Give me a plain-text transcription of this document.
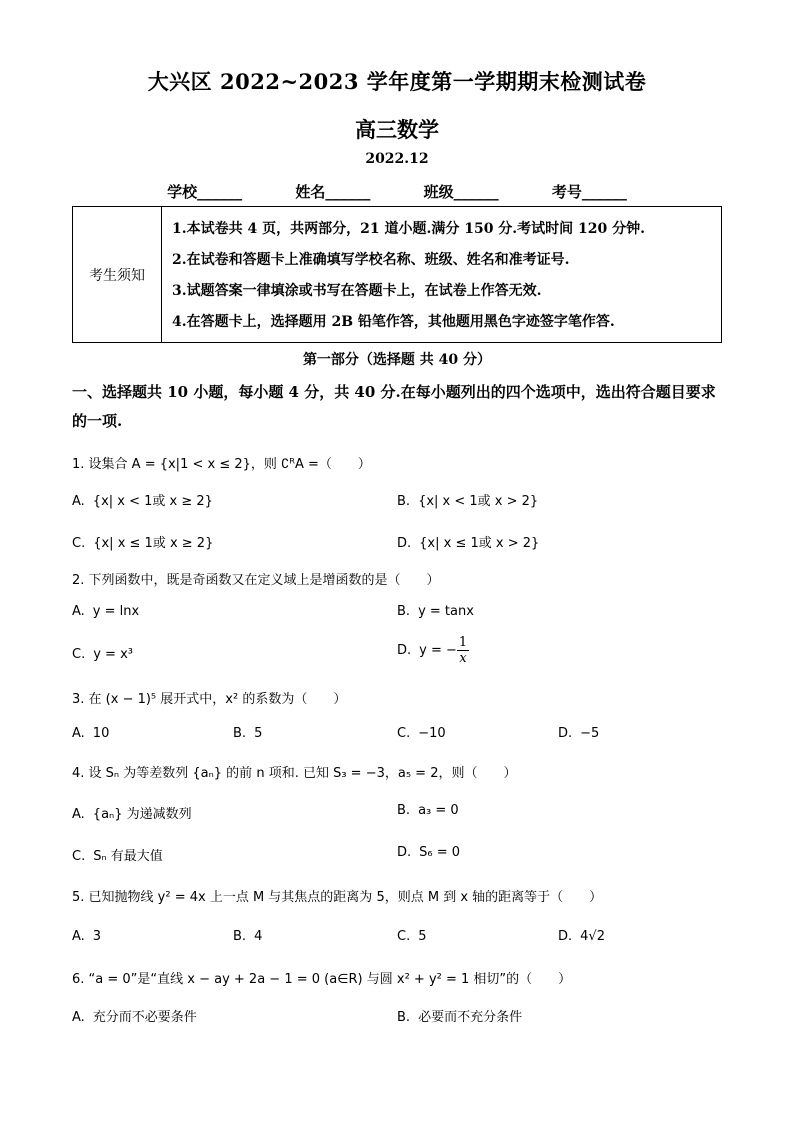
大兴区 2022~2023 学年度第一学期期末检测试卷
高三数学
2022.12
学校______	姓名______	班级______	考号______
考生须知	
1.本试卷共 4 页，共两部分，21 道小题.满分 150 分.考试时间 120 分钟.
2.在试卷和答题卡上准确填写学校名称、班级、姓名和准考证号.
3.试题答案一律填涂或书写在答题卡上，在试卷上作答无效.
4.在答题卡上，选择题用 2B 铅笔作答，其他题用黑色字迹签字笔作答.
第一部分（选择题 共 40 分）
一、选择题共 10 小题，每小题 4 分，共 40 分.在每小题列出的四个选项中，选出符合题目要求的一项.
1. 设集合 A = {x|1 < x ≤ 2}，则 ∁ᴿA =（　　）
A. {x| x < 1或 x ≥ 2}	B. {x| x < 1或 x > 2}
C. {x| x ≤ 1或 x ≥ 2}	D. {x| x ≤ 1或 x > 2}
2. 下列函数中，既是奇函数又在定义域上是增函数的是（　　）
A. y = lnx	B. y = tanx
C. y = x³	D. y = − $\frac{1}{x}$
3. 在 (x − 1)⁵ 展开式中，x² 的系数为（　　）
A. 10	B. 5	C. −10	D. −5
4. 设 Sₙ 为等差数列 {aₙ} 的前 n 项和. 已知 S₃ = −3，a₅ = 2，则（　　）
A. {aₙ} 为递减数列	B. a₃ = 0
C. Sₙ 有最大值	D. S₆ = 0
5. 已知抛物线 y² = 4x 上一点 M 与其焦点的距离为 5，则点 M 到 x 轴的距离等于（　　）
A. 3	B. 4	C. 5	D. 4√2
6. “a = 0”是“直线 x − ay + 2a − 1 = 0 (a∈R) 与圆 x² + y² = 1 相切”的（　　）
A. 充分而不必要条件	B. 必要而不充分条件
